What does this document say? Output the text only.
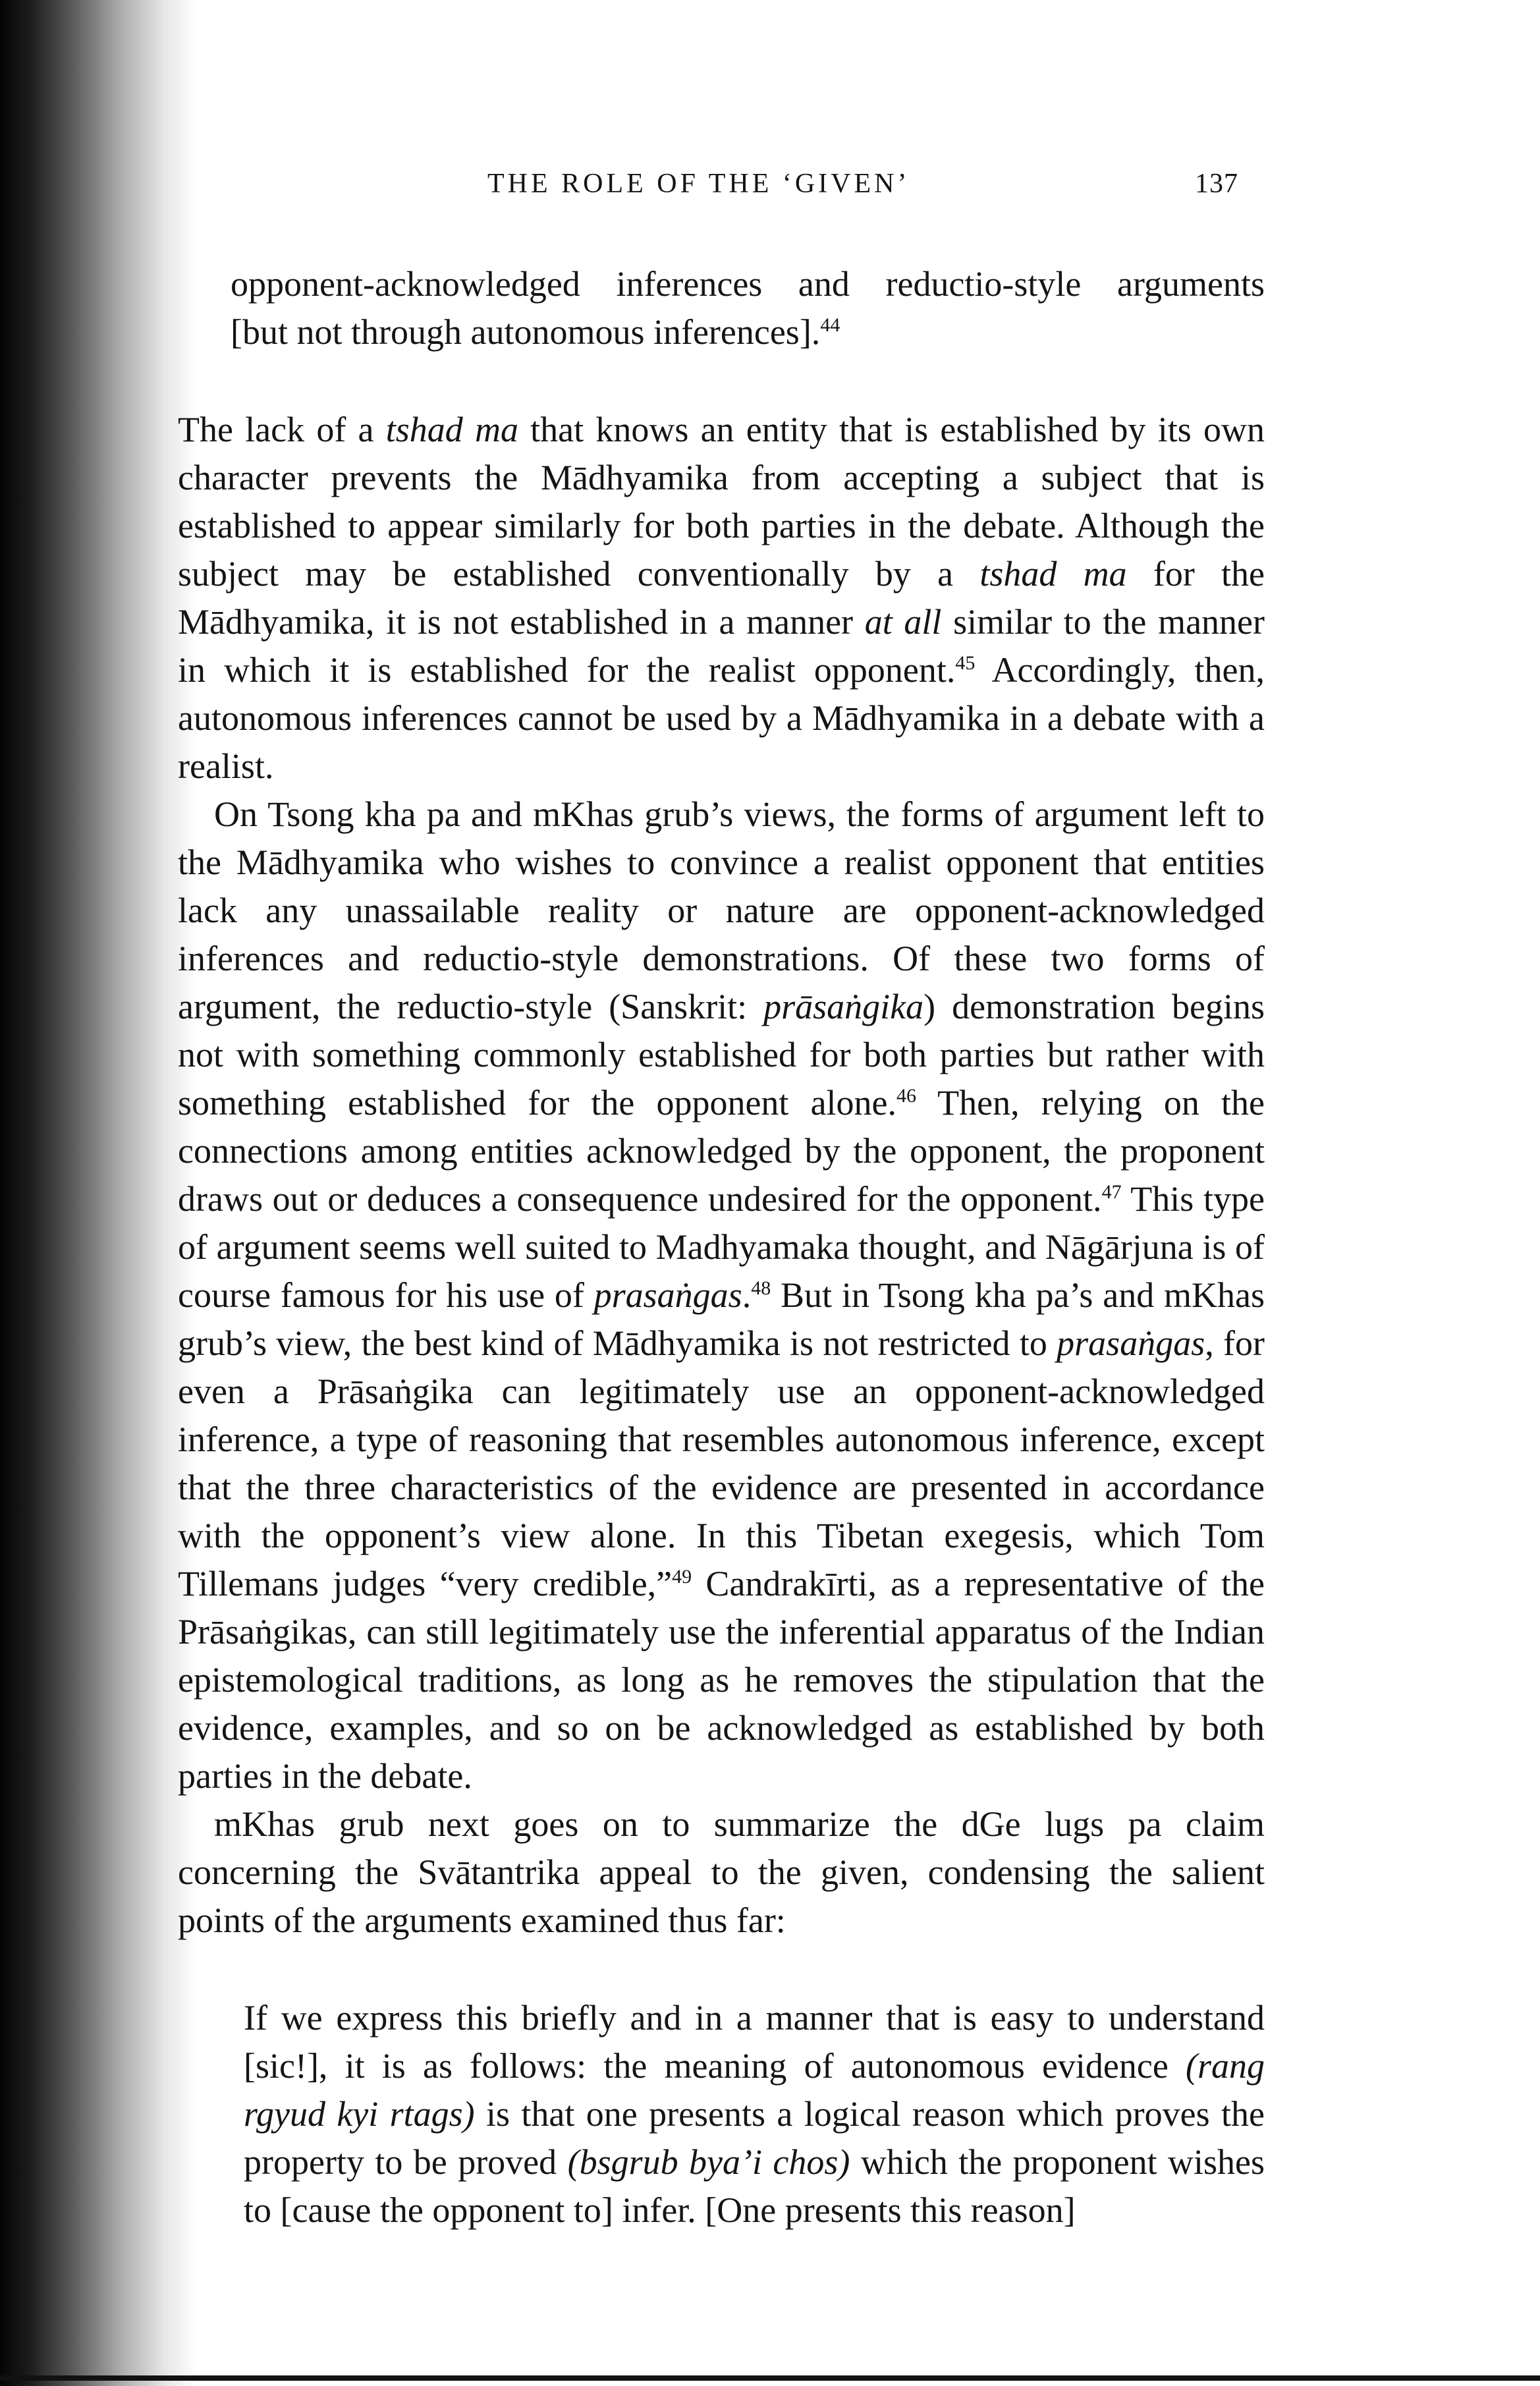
THE ROLE OF THE ‘GIVEN’	137
opponent-acknowledged inferences and reductio-style arguments
[but not through autonomous inferences].$^{44}$

The lack of a tshad ma that knows an entity that is established by its own character prevents the Mādhyamika from accepting a subject that is established to appear similarly for both parties in the debate. Although the subject may be established conventionally by a tshad ma for the Mādhyamika, it is not established in a manner at all similar to the manner in which it is established for the realist opponent.$^{45}$ Accordingly, then, autonomous inferences cannot be used by a Mādhyamika in a debate with a realist.

On Tsong kha pa and mKhas grub’s views, the forms of argument left to the Mādhyamika who wishes to convince a realist opponent that entities lack any unassailable reality or nature are opponent-acknowledged inferences and reductio-style demonstrations. Of these two forms of argument, the reductio-style (Sanskrit: prāsaṅgika) demonstration begins not with something commonly established for both parties but rather with something established for the opponent alone.$^{46}$ Then, relying on the connections among entities acknowledged by the opponent, the proponent draws out or deduces a consequence undesired for the opponent.$^{47}$ This type of argument seems well suited to Madhyamaka thought, and Nāgārjuna is of course famous for his use of prasaṅgas.$^{48}$ But in Tsong kha pa’s and mKhas grub’s view, the best kind of Mādhyamika is not restricted to prasaṅgas, for even a Prāsaṅgika can legitimately use an opponent-acknowledged inference, a type of reasoning that resembles autonomous inference, except that the three characteristics of the evidence are presented in accordance with the opponent’s view alone. In this Tibetan exegesis, which Tom Tillemans judges “very credible,”$^{49}$ Candrakīrti, as a representative of the Prāsaṅgikas, can still legitimately use the inferential apparatus of the Indian epistemological traditions, as long as he removes the stipulation that the evidence, examples, and so on be acknowledged as established by both parties in the debate.

mKhas grub next goes on to summarize the dGe lugs pa claim concerning the Svātantrika appeal to the given, condensing the salient points of the arguments examined thus far:

If we express this briefly and in a manner that is easy to understand [sic!], it is as follows: the meaning of autonomous evidence (rang rgyud kyi rtags) is that one presents a logical reason which proves the property to be proved (bsgrub bya’i chos) which the proponent wishes to [cause the opponent to] infer. [One presents this reason]
